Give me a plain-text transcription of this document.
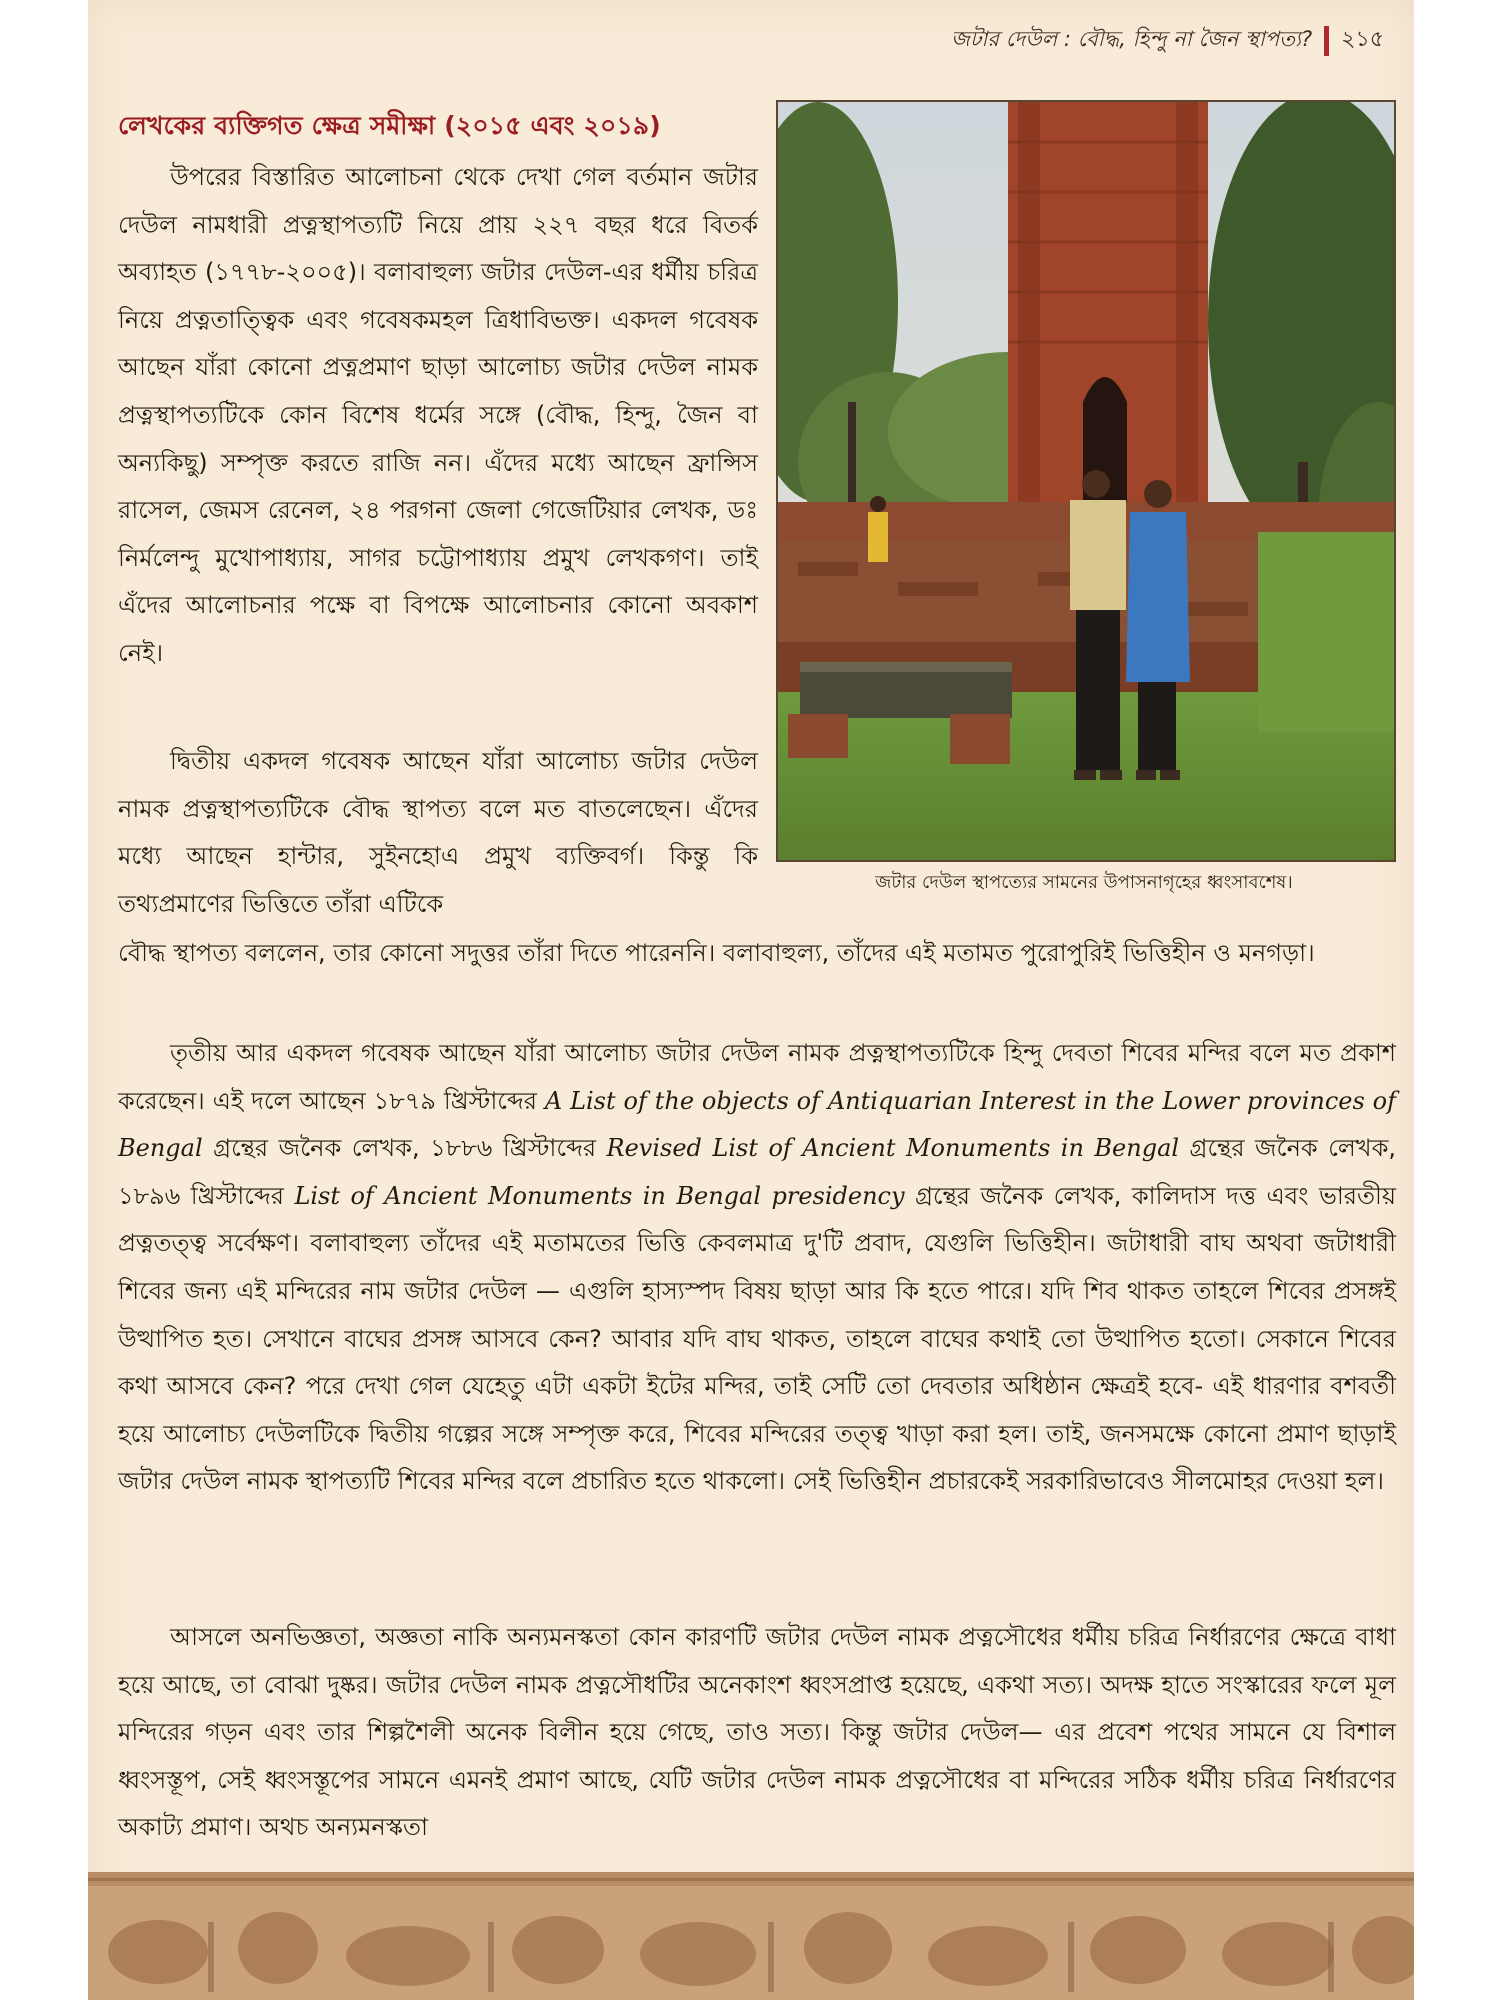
জটার দেউল : বৌদ্ধ, হিন্দু না জৈন স্থাপত্য? ২১৫
লেখকের ব্যক্তিগত ক্ষেত্র সমীক্ষা (২০১৫ এবং ২০১৯)

উপরের বিস্তারিত আলোচনা থেকে দেখা গেল বর্তমান জটার দেউল নামধারী প্রত্নস্থাপত্যটি নিয়ে প্রায় ২২৭ বছর ধরে বিতর্ক অব্যাহত (১৭৭৮-২০০৫)। বলাবাহুল্য জটার দেউল-এর ধর্মীয় চরিত্র নিয়ে প্রত্নতাত্ত্বিক এবং গবেষকমহল ত্রিধাবিভক্ত। একদল গবেষক আছেন যাঁরা কোনো প্রত্নপ্রমাণ ছাড়া আলোচ্য জটার দেউল নামক প্রত্নস্থাপত্যটিকে কোন বিশেষ ধর্মের সঙ্গে (বৌদ্ধ, হিন্দু, জৈন বা অন্যকিছু) সম্পৃক্ত করতে রাজি নন। এঁদের মধ্যে আছেন ফ্রান্সিস রাসেল, জেমস রেনেল, ২৪ পরগনা জেলা গেজেটিয়ার লেখক, ডঃ নির্মলেন্দু মুখোপাধ্যায়, সাগর চট্টোপাধ্যায় প্রমুখ লেখকগণ। তাই এঁদের আলোচনার পক্ষে বা বিপক্ষে আলোচনার কোনো অবকাশ নেই।

দ্বিতীয় একদল গবেষক আছেন যাঁরা আলোচ্য জটার দেউল নামক প্রত্নস্থাপত্যটিকে বৌদ্ধ স্থাপত্য বলে মত বাতলেছেন। এঁদের মধ্যে আছেন হান্টার, সুইনহোএ প্রমুখ ব্যক্তিবর্গ। কিন্তু কি তথ্যপ্রমাণের ভিত্তিতে তাঁরা এটিকে

বৌদ্ধ স্থাপত্য বললেন, তার কোনো সদুত্তর তাঁরা দিতে পারেননি। বলাবাহুল্য, তাঁদের এই মতামত পুরোপুরিই ভিত্তিহীন ও মনগড়া।

তৃতীয় আর একদল গবেষক আছেন যাঁরা আলোচ্য জটার দেউল নামক প্রত্নস্থাপত্যটিকে হিন্দু দেবতা শিবের মন্দির বলে মত প্রকাশ করেছেন। এই দলে আছেন ১৮৭৯ খ্রিস্টাব্দের A List of the objects of Antiquarian Interest in the Lower provinces of Bengal গ্রন্থের জনৈক লেখক, ১৮৮৬ খ্রিস্টাব্দের Revised List of Ancient Monuments in Bengal গ্রন্থের জনৈক লেখক, ১৮৯৬ খ্রিস্টাব্দের List of Ancient Monuments in Bengal presidency গ্রন্থের জনৈক লেখক, কালিদাস দত্ত এবং ভারতীয় প্রত্নতত্ত্ব সর্বেক্ষণ। বলাবাহুল্য তাঁদের এই মতামতের ভিত্তি কেবলমাত্র দু'টি প্রবাদ, যেগুলি ভিত্তিহীন। জটাধারী বাঘ অথবা জটাধারী শিবের জন্য এই মন্দিরের নাম জটার দেউল — এগুলি হাস্যস্পদ বিষয় ছাড়া আর কি হতে পারে। যদি শিব থাকত তাহলে শিবের প্রসঙ্গই উত্থাপিত হত। সেখানে বাঘের প্রসঙ্গ আসবে কেন? আবার যদি বাঘ থাকত, তাহলে বাঘের কথাই তো উত্থাপিত হতো। সেকানে শিবের কথা আসবে কেন? পরে দেখা গেল যেহেতু এটা একটা ইটের মন্দির, তাই সেটি তো দেবতার অধিষ্ঠান ক্ষেত্রই হবে- এই ধারণার বশবর্তী হয়ে আলোচ্য দেউলটিকে দ্বিতীয় গল্পের সঙ্গে সম্পৃক্ত করে, শিবের মন্দিরের তত্ত্ব খাড়া করা হল। তাই, জনসমক্ষে কোনো প্রমাণ ছাড়াই জটার দেউল নামক স্থাপত্যটি শিবের মন্দির বলে প্রচারিত হতে থাকলো। সেই ভিত্তিহীন প্রচারকেই সরকারিভাবেও সীলমোহর দেওয়া হল।

আসলে অনভিজ্ঞতা, অজ্ঞতা নাকি অন্যমনস্কতা কোন কারণটি জটার দেউল নামক প্রত্নসৌধের ধর্মীয় চরিত্র নির্ধারণের ক্ষেত্রে বাধা হয়ে আছে, তা বোঝা দুষ্কর। জটার দেউল নামক প্রত্নসৌধটির অনেকাংশ ধ্বংসপ্রাপ্ত হয়েছে, একথা সত্য। অদক্ষ হাতে সংস্কারের ফলে মূল মন্দিরের গড়ন এবং তার শিল্পশৈলী অনেক বিলীন হয়ে গেছে, তাও সত্য। কিন্তু জটার দেউল— এর প্রবেশ পথের সামনে যে বিশাল ধ্বংসস্তূপ, সেই ধ্বংসস্তূপের সামনে এমনই প্রমাণ আছে, যেটি জটার দেউল নামক প্রত্নসৌধের বা মন্দিরের সঠিক ধর্মীয় চরিত্র নির্ধারণের অকাট্য প্রমাণ। অথচ অন্যমনস্কতা

জটার দেউল স্থাপত্যের সামনের উপাসনাগৃহের ধ্বংসাবশেষ।
